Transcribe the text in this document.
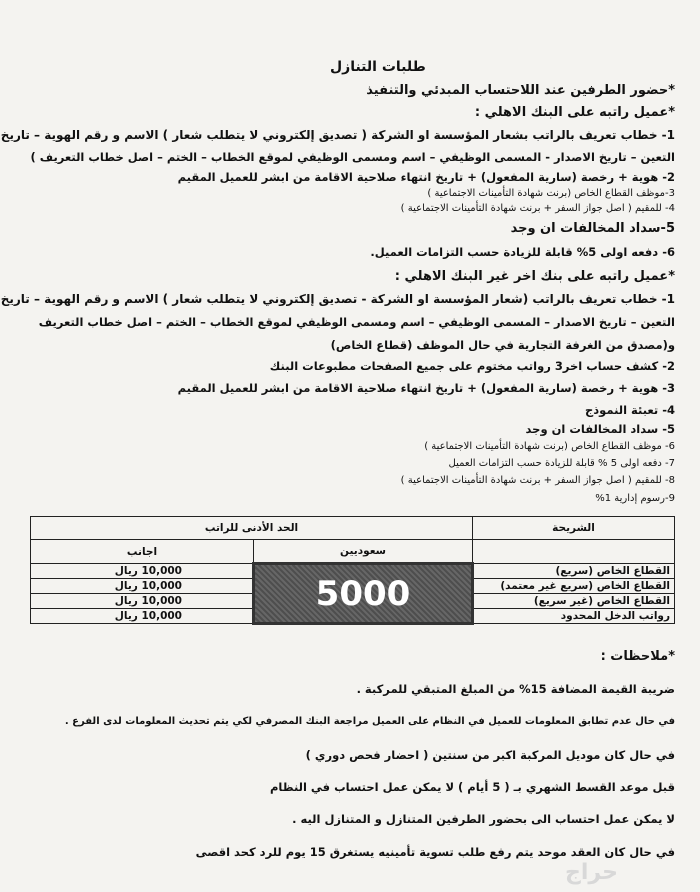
طلبات التنازل
*حضور الطرفين عند اللاحتساب المبدئي والتنفيذ
*عميل راتبه على البنك الاهلي :
1- خطاب تعريف بالراتب بشعار المؤسسة او الشركة ( تصديق إلكتروني لا يتطلب شعار ) الاسم و رقم الهوية – تاريخ
التعين – تاريخ الاصدار - المسمى الوظيفي – اسم ومسمى الوظيفي لموقع الخطاب – الختم – اصل خطاب التعريف )
2- هوية + رخصة (سارية المفعول) + تاريخ انتهاء صلاحية الاقامة من ابشر للعميل المقيم
3-موظف القطاع الخاص (برنت شهادة التأمينات الاجتماعية )
4- للمقيم ( اصل جواز السفر + برنت شهادة التأمينات الاجتماعية )
5-سداد المخالفات ان وجد
6- دفعه اولى 5% قابلة للزيادة حسب التزامات العميل.
*عميل راتبه على بنك اخر غير البنك الاهلي :
1- خطاب تعريف بالراتب (شعار المؤسسة او الشركة - تصديق إلكتروني لا يتطلب شعار ) الاسم و رقم الهوية – تاريخ
التعين – تاريخ الاصدار – المسمى الوظيفي – اسم ومسمى الوظيفي لموقع الخطاب – الختم – اصل خطاب التعريف
و(مصدق من الغرفة التجارية في حال الموظف (قطاع الخاص)
2- كشف حساب اخر3 رواتب مختوم على جميع الصفحات مطبوعات البنك
3- هوية + رخصة (سارية المفعول) + تاريخ انتهاء صلاحية الاقامة من ابشر للعميل المقيم
4- تعبئة النموذج
5- سداد المخالفات ان وجد
6- موظف القطاع الخاص (برنت شهادة التأمينات الاجتماعية )
7- دفعه اولى 5 % قابلة للزيادة حسب التزامات العميل
8- للمقيم ( اصل جواز السفر + برنت شهادة التأمينات الاجتماعية )
9-رسوم إدارية 1%
الشريحة	الحد الأدنى للراتب	
	سعوديين	اجانب
القطاع الخاص (سريع)	5000	10,000 ريال
القطاع الخاص (سريع غير معتمد)		10,000 ريال
القطاع الخاص (غير سريع)		10,000 ريال
رواتب الدخل المحدود		10,000 ريال
*ملاحظات :
ضريبة القيمة المضافة 15% من المبلغ المتبقي للمركبة .
في حال عدم تطابق المعلومات للعميل في النظام على العميل مراجعة البنك المصرفي لكي يتم تحديث المعلومات لدى الفرع .
في حال كان موديل المركبة اكبر من سنتين ( احضار فحص دوري )
قبل موعد القسط الشهري بـ ( 5 أيام ) لا يمكن عمل احتساب في النظام
لا يمكن عمل احتساب الى بحضور الطرفين المتنازل و المتنازل اليه .
في حال كان العقد موحد يتم رفع طلب تسوية تأمينيه يستغرق 15 يوم للرد كحد اقصى
حراج
